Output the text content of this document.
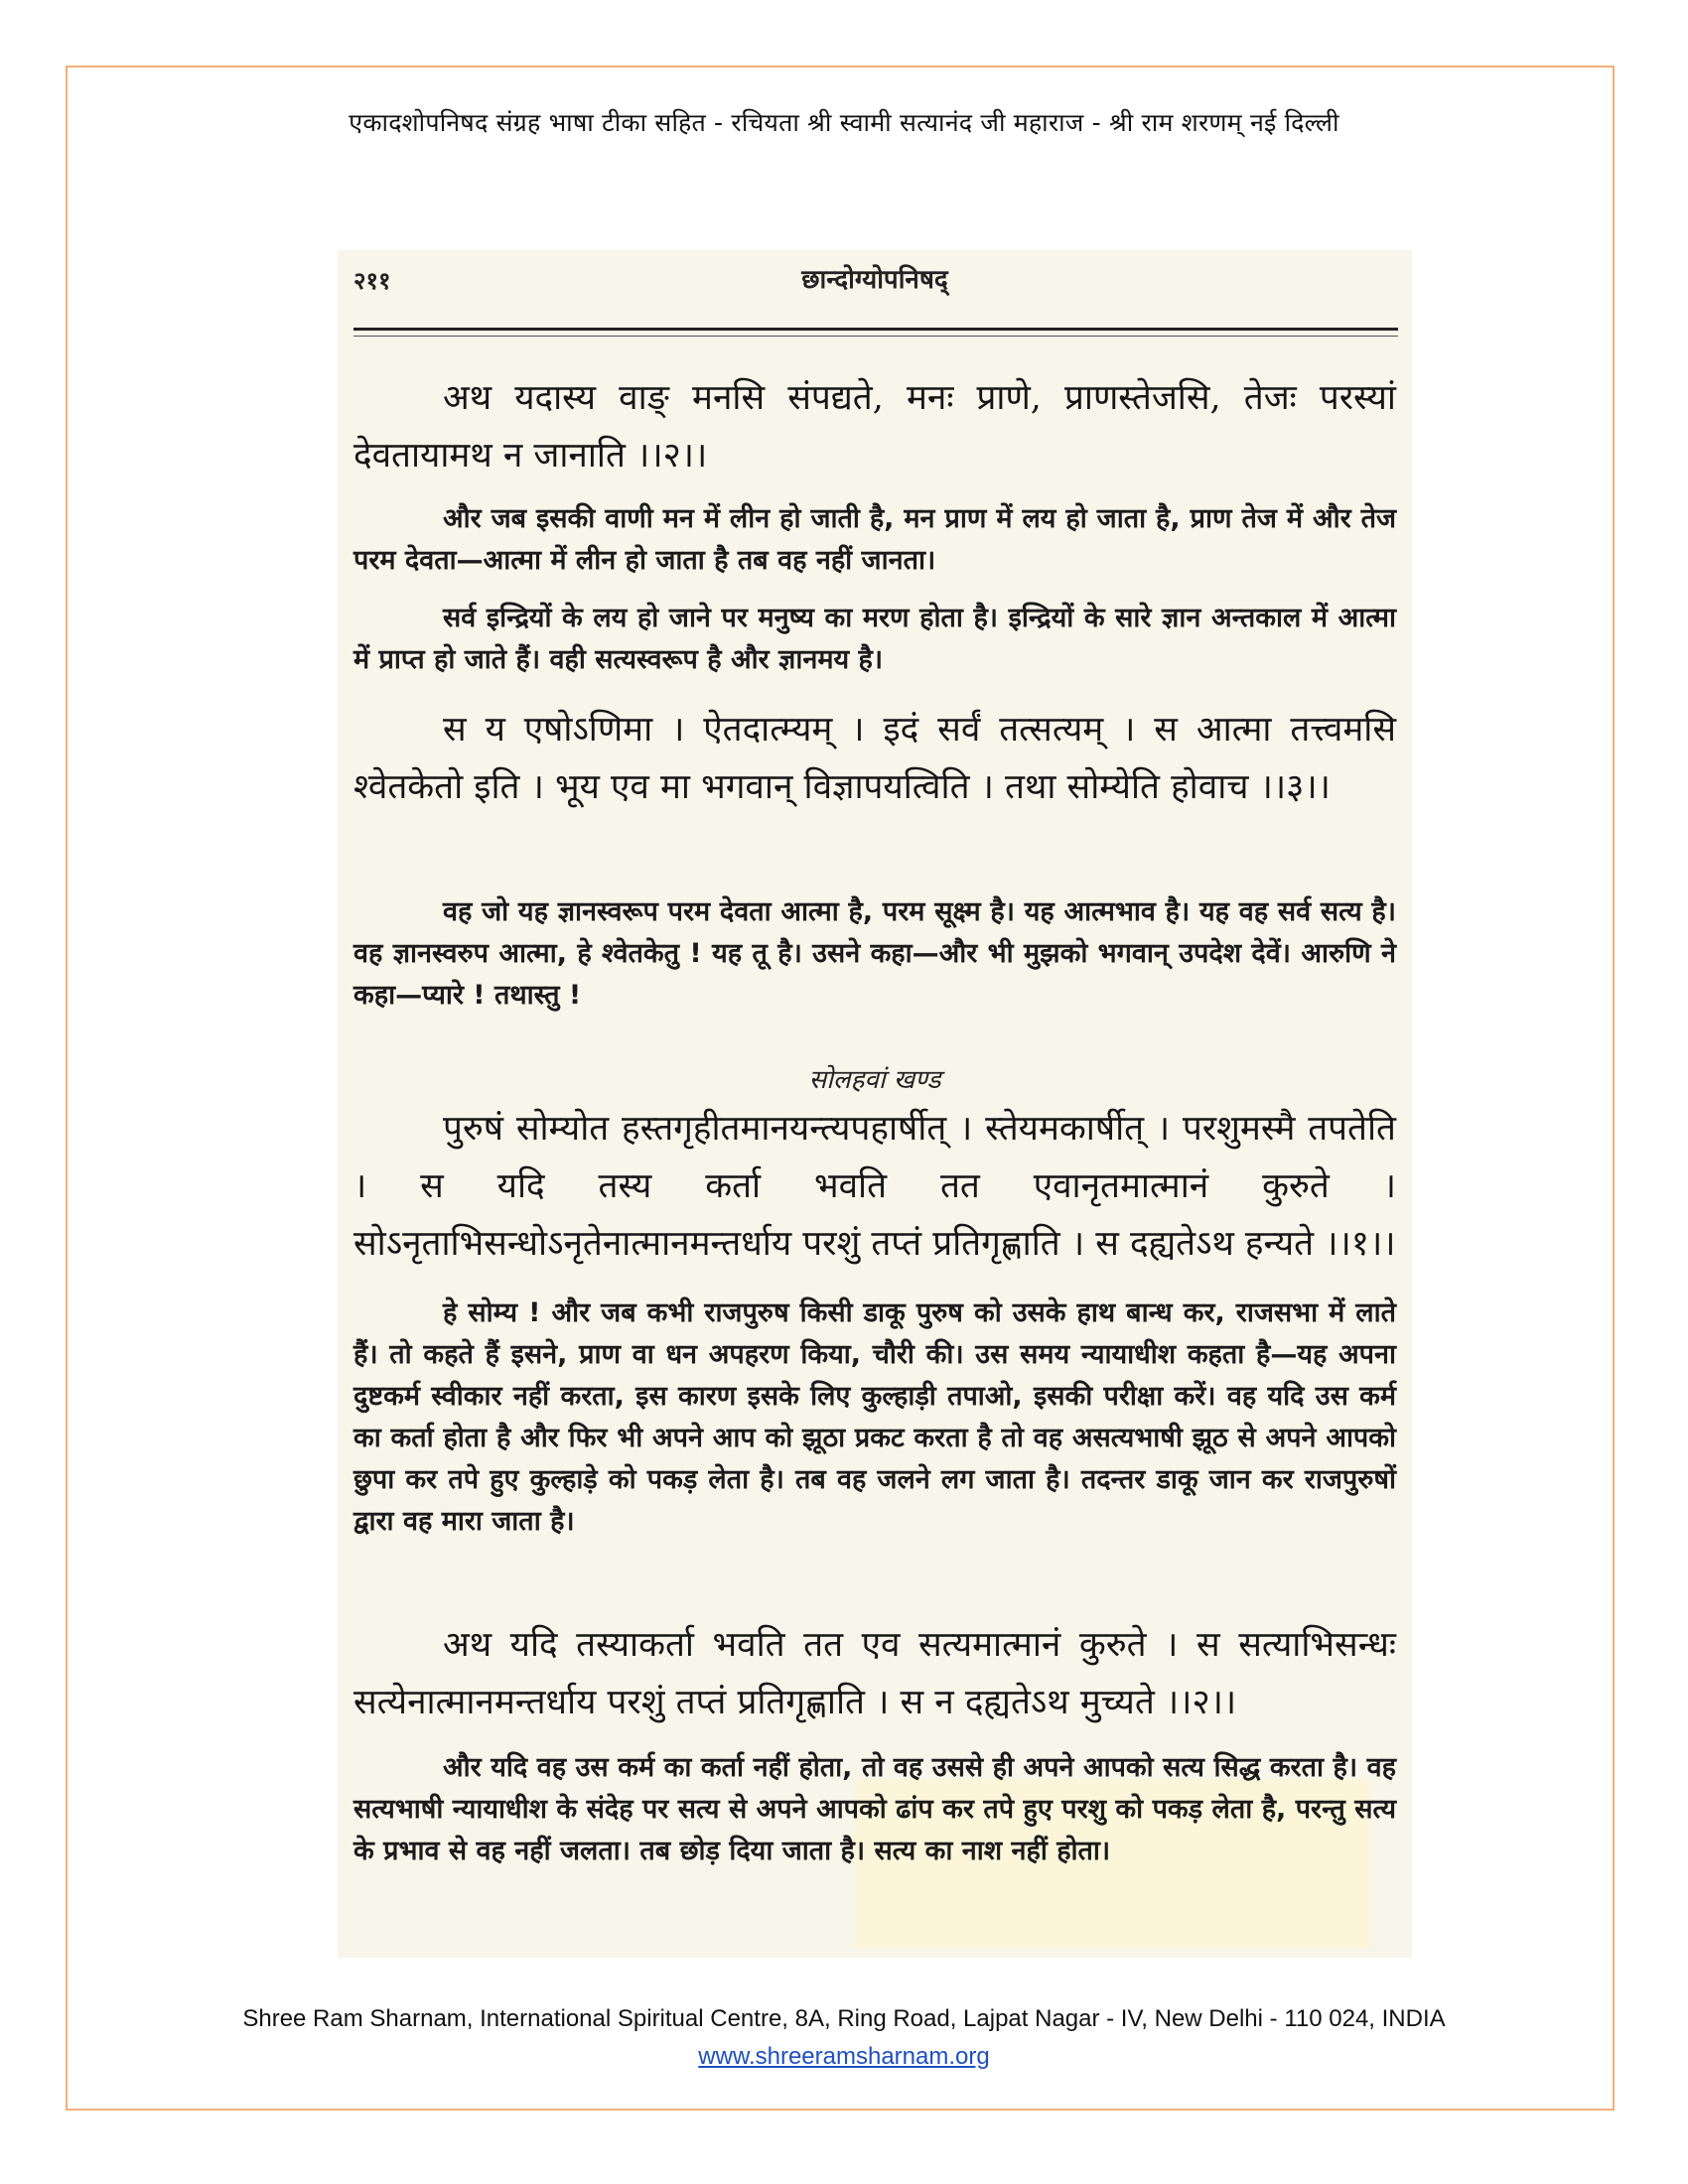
एकादशोपनिषद संग्रह भाषा टीका सहित - रचियता श्री स्वामी सत्यानंद जी महाराज - श्री राम शरणम् नई दिल्ली
२११	छान्दोग्योपनिषद्
अथ यदास्य वाङ् मनसि संपद्यते, मनः प्राणे, प्राणस्तेजसि, तेजः परस्यां देवतायामथ न जानाति ।।२।।
और जब इसकी वाणी मन में लीन हो जाती है, मन प्राण में लय हो जाता है, प्राण तेज में और तेज परम देवता—आत्मा में लीन हो जाता है तब वह नहीं जानता।
सर्व इन्द्रियों के लय हो जाने पर मनुष्य का मरण होता है। इन्द्रियों के सारे ज्ञान अन्तकाल में आत्मा में प्राप्त हो जाते हैं। वही सत्यस्वरूप है और ज्ञानमय है।
स य एषोऽणिमा । ऐतदात्म्यम् । इदं सर्वं तत्सत्यम् । स आत्मा तत्त्वमसि श्वेतकेतो इति । भूय एव मा भगवान् विज्ञापयत्विति । तथा सोम्येति होवाच ।।३।।
वह जो यह ज्ञानस्वरूप परम देवता आत्मा है, परम सूक्ष्म है। यह आत्मभाव है। यह वह सर्व सत्य है। वह ज्ञानस्वरुप आत्मा, हे श्वेतकेतु ! यह तू है। उसने कहा—और भी मुझको भगवान् उपदेश देवें। आरुणि ने कहा—प्यारे ! तथास्तु !
सोलहवां खण्ड
पुरुषं सोम्योत हस्तगृहीतमानयन्त्यपहार्षीत् । स्तेयमकार्षीत् । परशुमस्मै तपतेति । स यदि तस्य कर्ता भवति तत एवानृतमात्मानं कुरुते । सोऽनृताभिसन्धोऽनृतेनात्मानमन्तर्धाय परशुं तप्तं प्रतिगृह्णाति । स दह्यतेऽथ हन्यते ।।१।।
हे सोम्य ! और जब कभी राजपुरुष किसी डाकू पुरुष को उसके हाथ बान्ध कर, राजसभा में लाते हैं। तो कहते हैं इसने, प्राण वा धन अपहरण किया, चौरी की। उस समय न्यायाधीश कहता है—यह अपना दुष्टकर्म स्वीकार नहीं करता, इस कारण इसके लिए कुल्हाड़ी तपाओ, इसकी परीक्षा करें। वह यदि उस कर्म का कर्ता होता है और फिर भी अपने आप को झूठा प्रकट करता है तो वह असत्यभाषी झूठ से अपने आपको छुपा कर तपे हुए कुल्हाड़े को पकड़ लेता है। तब वह जलने लग जाता है। तदन्तर डाकू जान कर राजपुरुषों द्वारा वह मारा जाता है।
अथ यदि तस्याकर्ता भवति तत एव सत्यमात्मानं कुरुते । स सत्याभिसन्धः सत्येनात्मानमन्तर्धाय परशुं तप्तं प्रतिगृह्णाति । स न दह्यतेऽथ मुच्यते ।।२।।
और यदि वह उस कर्म का कर्ता नहीं होता, तो वह उससे ही अपने आपको सत्य सिद्ध करता है। वह सत्यभाषी न्यायाधीश के संदेह पर सत्य से अपने आपको ढांप कर तपे हुए परशु को पकड़ लेता है, परन्तु सत्य के प्रभाव से वह नहीं जलता। तब छोड़ दिया जाता है। सत्य का नाश नहीं होता।
Shree Ram Sharnam, International Spiritual Centre, 8A, Ring Road, Lajpat Nagar - IV, New Delhi - 110 024, INDIA
www.shreeramsharnam.org
